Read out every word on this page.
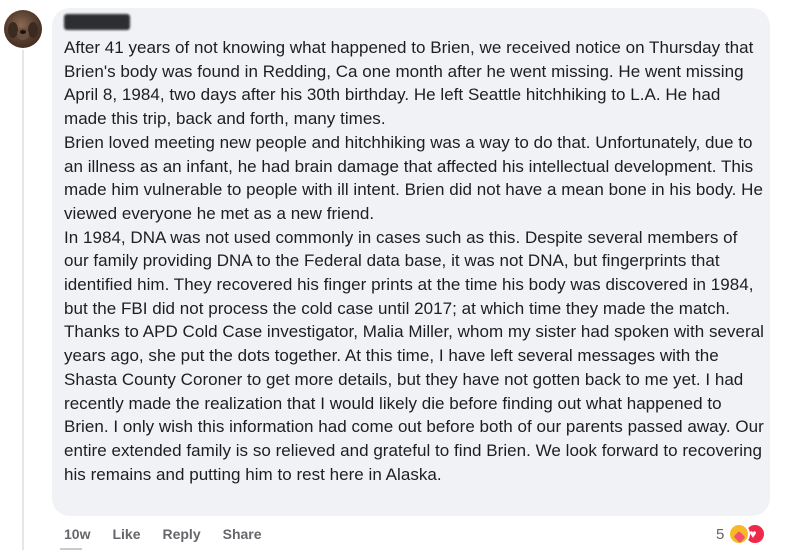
After 41 years of not knowing what happened to Brien, we received notice on Thursday that Brien's body was found in Redding, Ca one month after he went missing. He went missing April 8, 1984, two days after his 30th birthday. He left Seattle hitchhiking to L.A. He had made this trip, back and forth, many times.

Brien loved meeting new people and hitchhiking was a way to do that. Unfortunately, due to an illness as an infant, he had brain damage that affected his intellectual development. This made him vulnerable to people with ill intent. Brien did not have a mean bone in his body. He viewed everyone he met as a new friend.

In 1984, DNA was not used commonly in cases such as this. Despite several members of our family providing DNA to the Federal data base, it was not DNA, but fingerprints that identified him. They recovered his finger prints at the time his body was discovered in 1984, but the FBI did not process the cold case until 2017; at which time they made the match.

Thanks to APD Cold Case investigator, Malia Miller, whom my sister had spoken with several years ago, she put the dots together. At this time, I have left several messages with the Shasta County Coroner to get more details, but they have not gotten back to me yet. I had recently made the realization that I would likely die before finding out what happened to Brien. I only wish this information had come out before both of our parents passed away. Our entire extended family is so relieved and grateful to find Brien. We look forward to recovering his remains and putting him to rest here in Alaska.

10w Like Reply Share	5
♥
